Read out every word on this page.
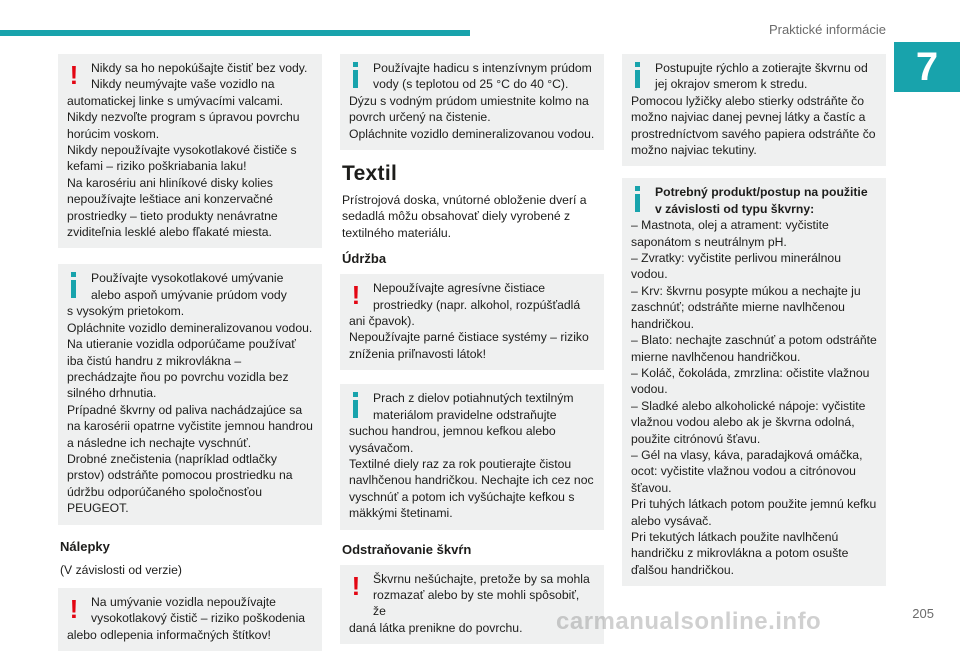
Praktické informácie
7
!	Nikdy sa ho nepokúšajte čistiť bez vody. Nikdy neumývajte vaše vozidlo na
automatickej linke s umývacími valcami.
Nikdy nezvoľte program s úpravou povrchu horúcim voskom.
Nikdy nepoužívajte vysokotlakové čističe s kefami – riziko poškriabania laku!
Na karosériu ani hliníkové disky kolies nepoužívajte leštiace ani konzervačné prostriedky – tieto produkty nenávratne zviditeľnia lesklé alebo fľakaté miesta.
Používajte vysokotlakové umývanie alebo aspoň umývanie prúdom vody
s vysokým prietokom.
Opláchnite vozidlo demineralizovanou vodou.
Na utieranie vozidla odporúčame používať iba čistú handru z mikrovlákna – prechádzajte ňou po povrchu vozidla bez silného drhnutia.
Prípadné škvrny od paliva nachádzajúce sa na karosérii opatrne vyčistite jemnou handrou a následne ich nechajte vyschnúť.
Drobné znečistenia (napríklad odtlačky prstov) odstráňte pomocou prostriedku na údržbu odporúčaného spoločnosťou PEUGEOT.
Nálepky
(V závislosti od verzie)
!	Na umývanie vozidla nepoužívajte vysokotlakový čistič – riziko poškodenia
alebo odlepenia informačných štítkov!
Používajte hadicu s intenzívnym prúdom vody (s teplotou od 25 °C do 40 °C).
Dýzu s vodným prúdom umiestnite kolmo na povrch určený na čistenie.
Opláchnite vozidlo demineralizovanou vodou.
Textil
Prístrojová doska, vnútorné obloženie dverí a sedadlá môžu obsahovať diely vyrobené z textilného materiálu.
Údržba
!	Nepoužívajte agresívne čistiace prostriedky (napr. alkohol, rozpúšťadlá
ani čpavok).
Nepoužívajte parné čistiace systémy – riziko zníženia priľnavosti látok!
Prach z dielov potiahnutých textilným materiálom pravidelne odstraňujte
suchou handrou, jemnou kefkou alebo vysávačom.
Textilné diely raz za rok poutierajte čistou navlhčenou handričkou. Nechajte ich cez noc vyschnúť a potom ich vyšúchajte kefkou s mäkkými štetinami.
Odstraňovanie škvŕn
!	Škvrnu nešúchajte, pretože by sa mohla rozmazať alebo by ste mohli spôsobiť, že
daná látka prenikne do povrchu.
Postupujte rýchlo a zotierajte škvrnu od jej okrajov smerom k stredu.
Pomocou lyžičky alebo stierky odstráňte čo možno najviac danej pevnej látky a častíc a prostredníctvom savého papiera odstráňte čo možno najviac tekutiny.
Potrebný produkt/postup na použitie v závislosti od typu škvrny:
– Mastnota, olej a atrament: vyčistite saponátom s neutrálnym pH.
– Zvratky: vyčistite perlivou minerálnou vodou.
– Krv: škvrnu posypte múkou a nechajte ju zaschnúť; odstráňte mierne navlhčenou handričkou.
– Blato: nechajte zaschnúť a potom odstráňte mierne navlhčenou handričkou.
– Koláč, čokoláda, zmrzlina: očistite vlažnou vodou.
– Sladké alebo alkoholické nápoje: vyčistite vlažnou vodou alebo ak je škvrna odolná, použite citrónovú šťavu.
– Gél na vlasy, káva, paradajková omáčka, ocot: vyčistite vlažnou vodou a citrónovou šťavou.
Pri tuhých látkach potom použite jemnú kefku alebo vysávač.
Pri tekutých látkach použite navlhčenú handričku z mikrovlákna a potom osušte ďalšou handričkou.
carmanualsonline.info	205
